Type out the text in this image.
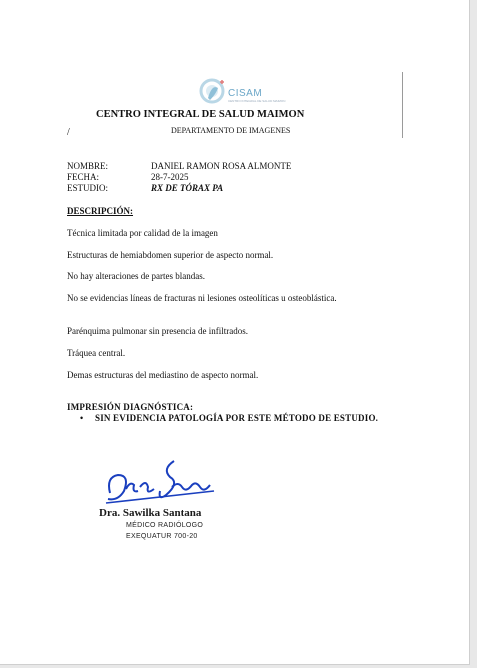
CISAM
CENTRO INTEGRAL DE SALUD MAIMON
CENTRO INTEGRAL DE SALUD MAIMON
/	DEPARTAMENTO DE IMAGENES
NOMBRE:	DANIEL RAMON ROSA ALMONTE
FECHA:	28-7-2025
ESTUDIO:	RX DE TÓRAX PA
DESCRIPCIÓN:
Técnica limitada por calidad de la imagen
Estructuras de hemiabdomen superior de aspecto normal.
No hay alteraciones de partes blandas.
No se evidencias líneas de fracturas ni lesiones osteolíticas u osteoblástica.
Parénquima pulmonar sin presencia de infiltrados.
Tráquea central.
Demas estructuras del mediastino de aspecto normal.
IMPRESIÓN DIAGNÓSTICA:
• SIN EVIDENCIA PATOLOGÍA POR ESTE MÉTODO DE ESTUDIO.
Dra. Sawilka Santana
MÉDICO RADIÓLOGO
EXEQUATUR 700-20
